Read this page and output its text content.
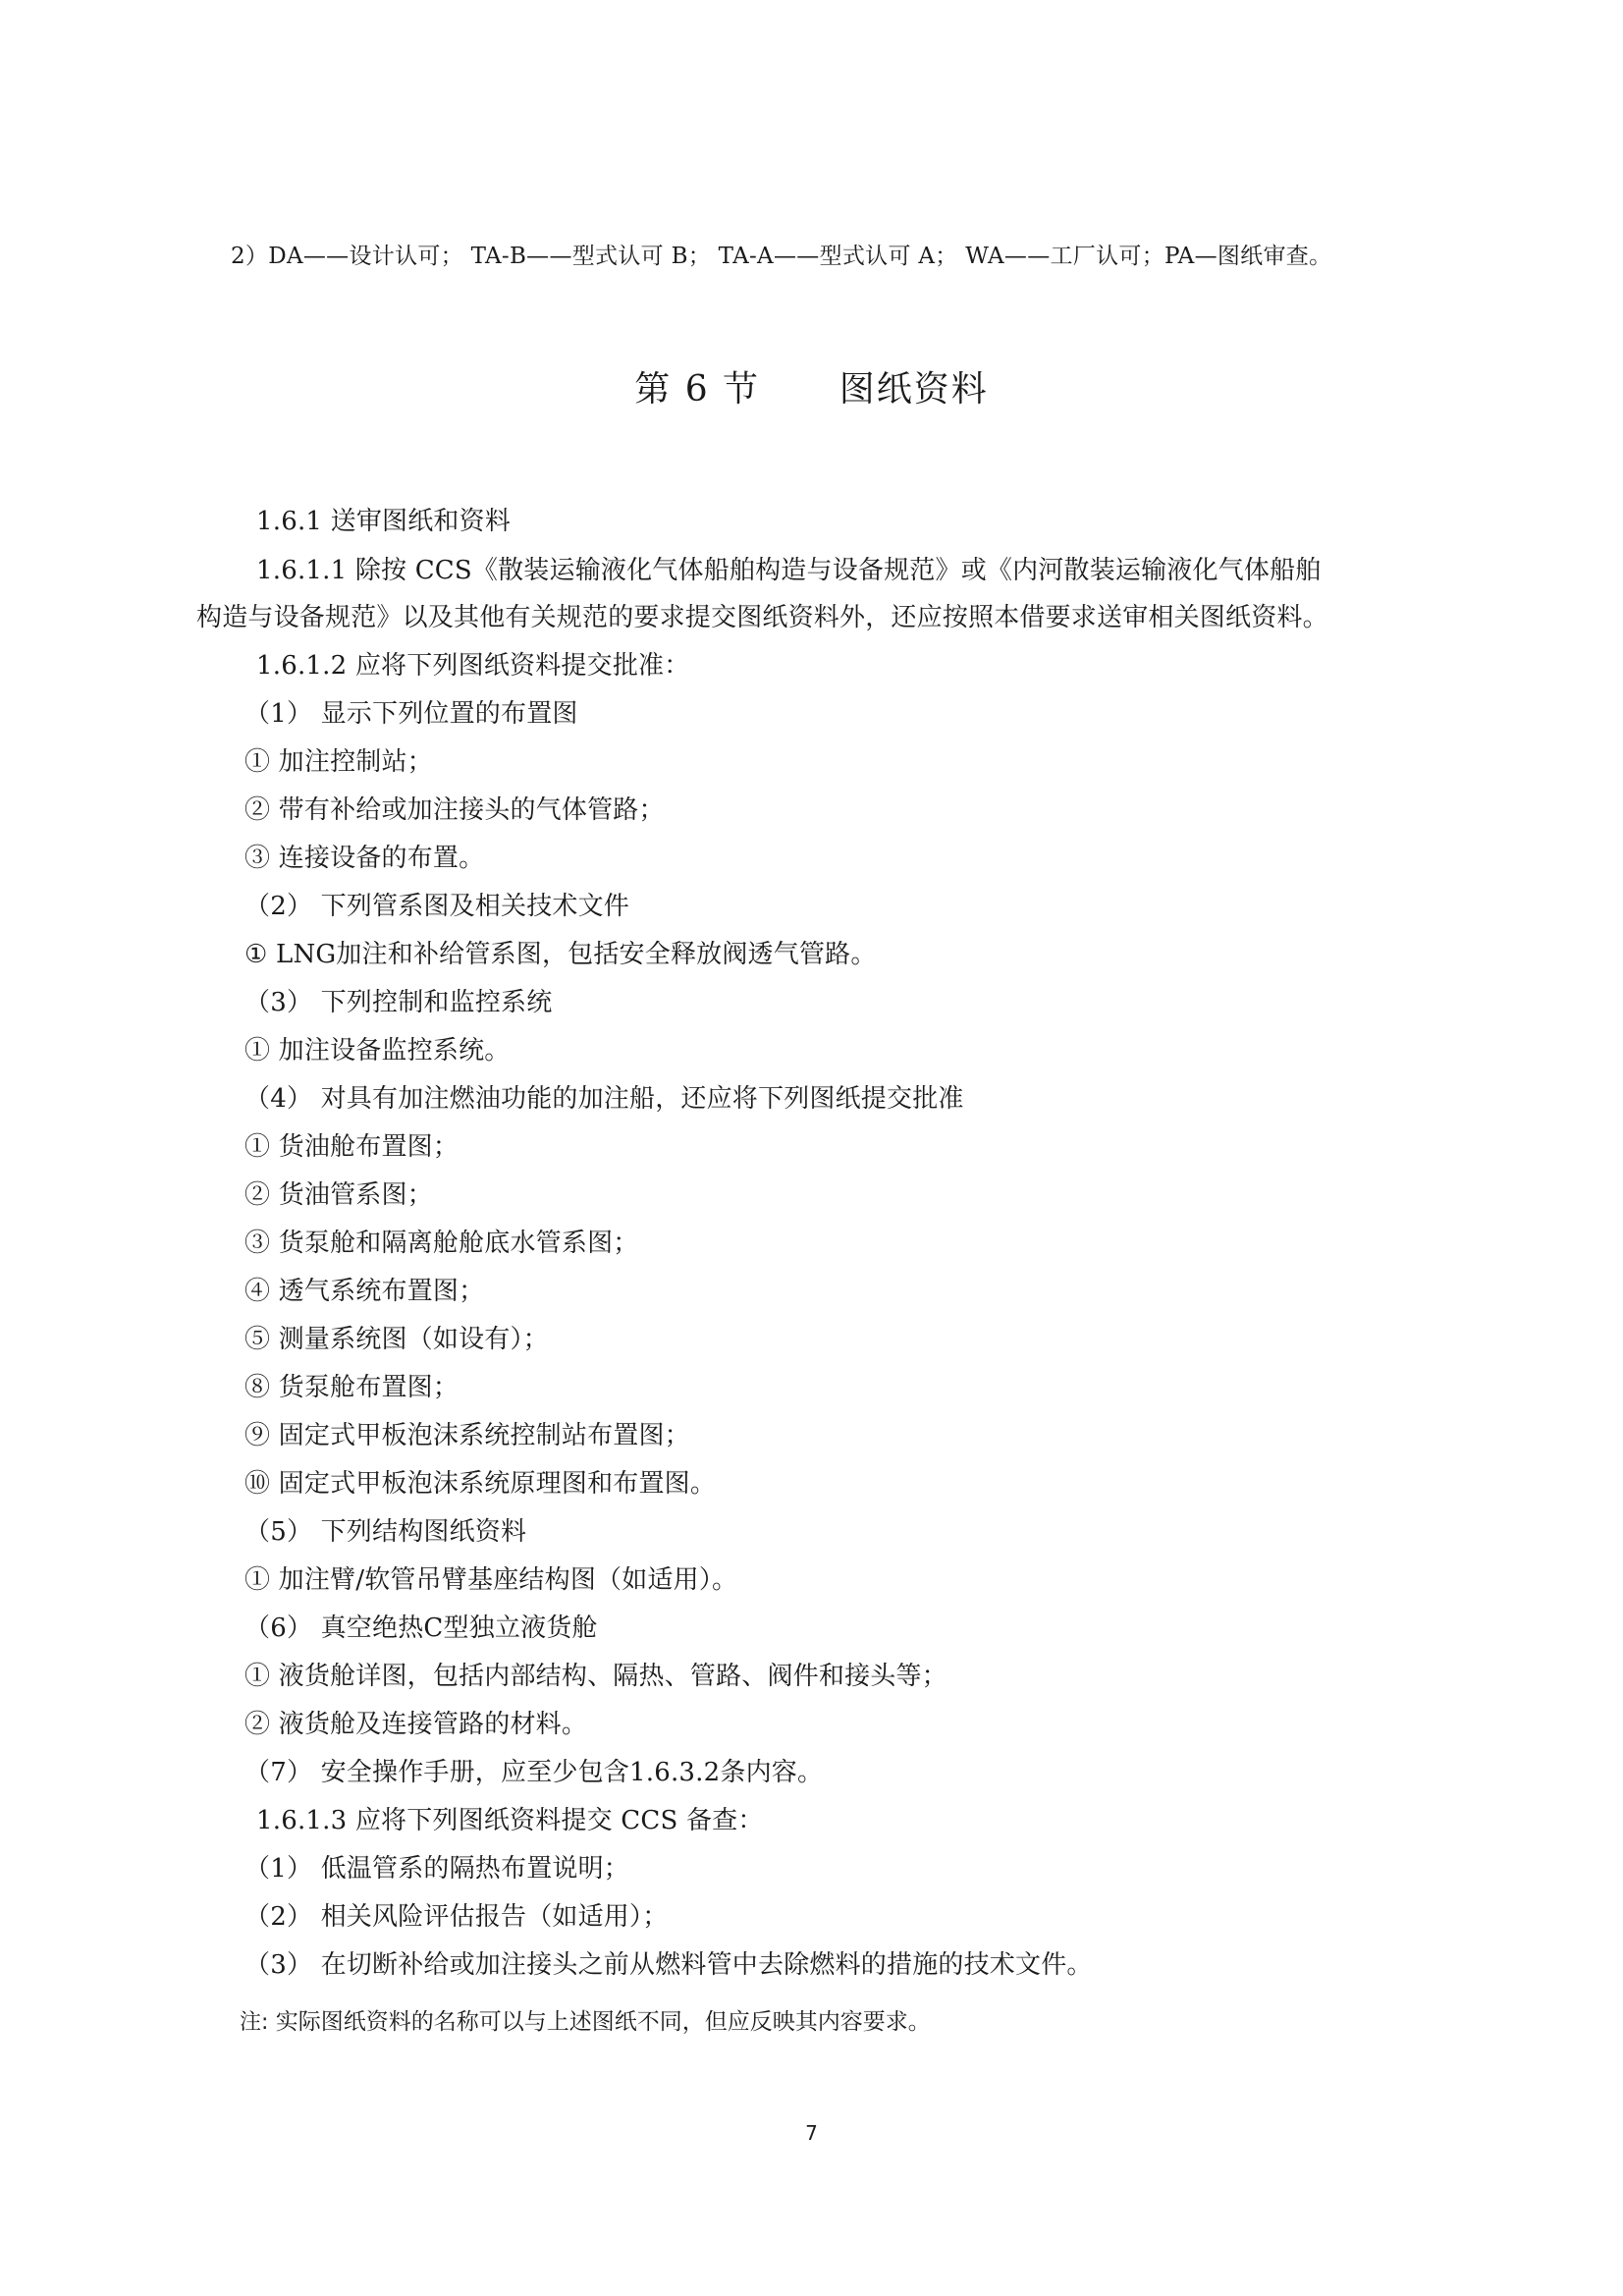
2）DA——设计认可； TA-B——型式认可 B； TA-A——型式认可 A； WA——工厂认可；PA—图纸审查。
第 6 节      图纸资料
1.6.1 送审图纸和资料
1.6.1.1 除按 CCS《散装运输液化气体船舶构造与设备规范》或《内河散装运输液化气体船舶
构造与设备规范》以及其他有关规范的要求提交图纸资料外，还应按照本借要求送审相关图纸资料。
1.6.1.2 应将下列图纸资料提交批准：
（1） 显示下列位置的布置图
① 加注控制站；
② 带有补给或加注接头的气体管路；
③ 连接设备的布置。
（2） 下列管系图及相关技术文件
① LNG加注和补给管系图，包括安全释放阀透气管路。
（3） 下列控制和监控系统
① 加注设备监控系统。
（4） 对具有加注燃油功能的加注船，还应将下列图纸提交批准
① 货油舱布置图；
② 货油管系图；
③ 货泵舱和隔离舱舱底水管系图；
④ 透气系统布置图；
⑤ 测量系统图（如设有）；
⑧ 货泵舱布置图；
⑨ 固定式甲板泡沫系统控制站布置图；
⑩ 固定式甲板泡沫系统原理图和布置图。
（5） 下列结构图纸资料
① 加注臂/软管吊臂基座结构图（如适用）。
（6） 真空绝热C型独立液货舱
① 液货舱详图，包括内部结构、隔热、管路、阀件和接头等；
② 液货舱及连接管路的材料。
（7） 安全操作手册，应至少包含1.6.3.2条内容。
1.6.1.3 应将下列图纸资料提交 CCS 备查：
（1） 低温管系的隔热布置说明；
（2） 相关风险评估报告（如适用）；
（3） 在切断补给或加注接头之前从燃料管中去除燃料的措施的技术文件。
注: 实际图纸资料的名称可以与上述图纸不同，但应反映其内容要求。
7
